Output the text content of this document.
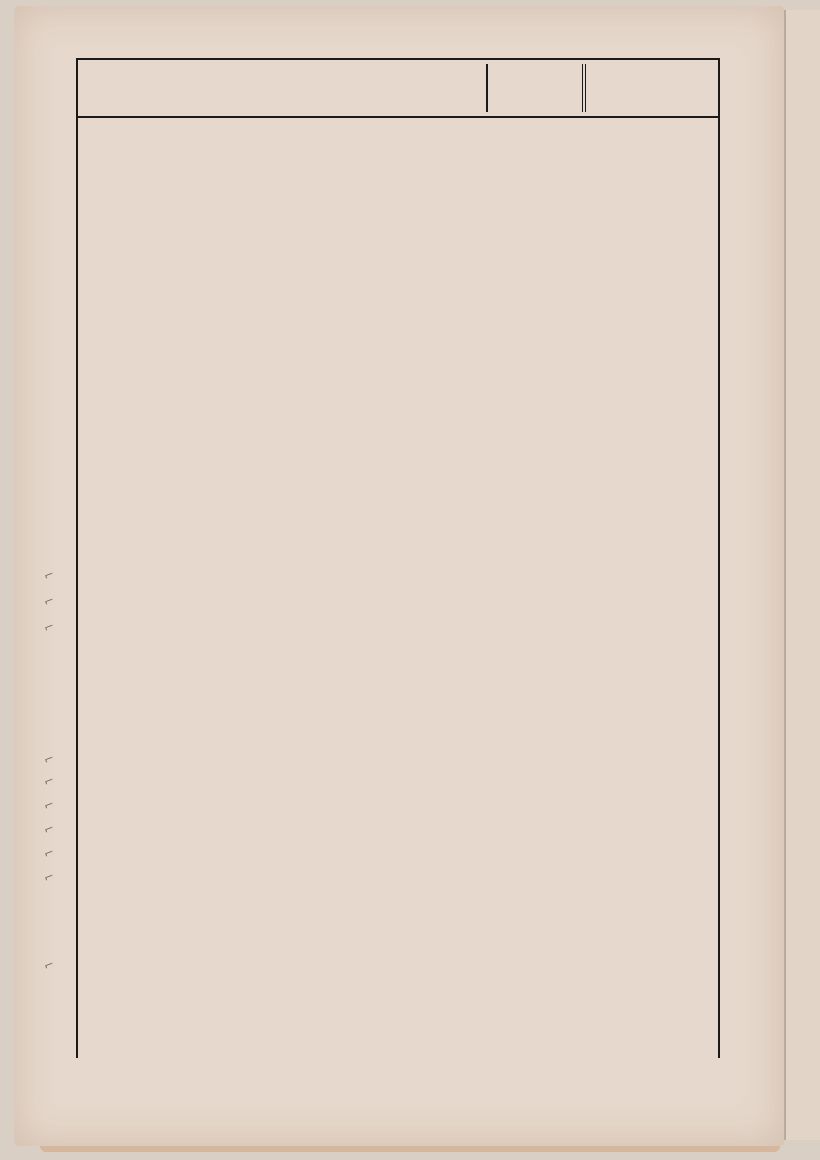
⌐
⌐
⌐
⌐
⌐
⌐
⌐
⌐
⌐
⌐
